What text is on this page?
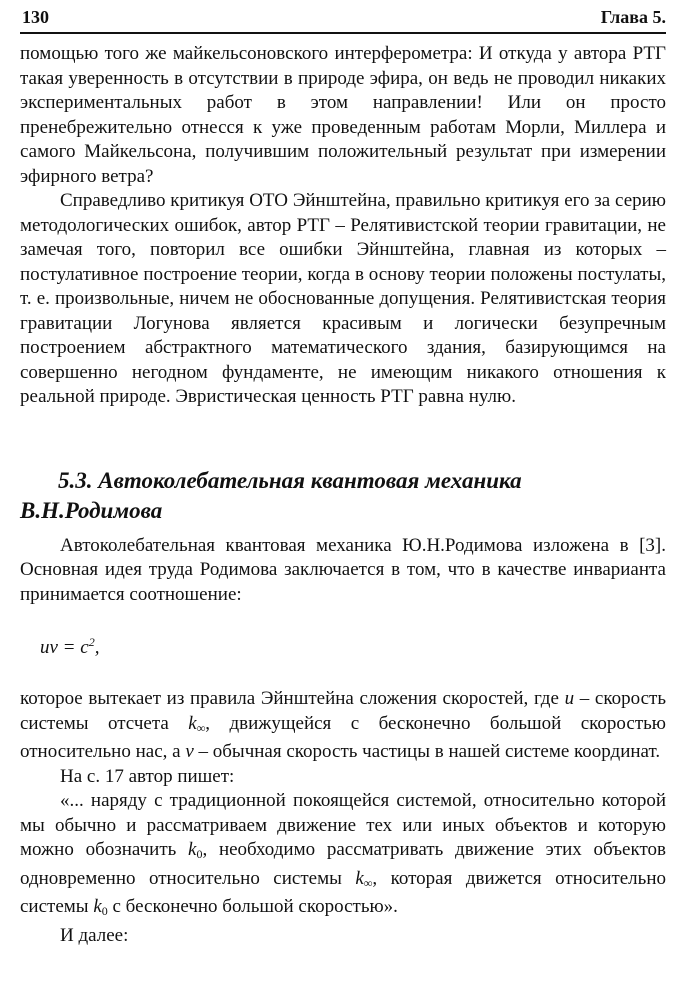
130	Глава 5.

помощью того же майкельсоновского интерферометра: И откуда у автора РТГ такая уверенность в отсутствии в природе эфира, он ведь не проводил никаких экспериментальных работ в этом направлении! Или он просто пренебрежительно отнесся к уже проведенным работам Морли, Миллера и самого Майкельсона, получившим положительный результат при измерении эфирного ветра?

Справедливо критикуя ОТО Эйнштейна, правильно критикуя его за серию методологических ошибок, автор РТГ – Релятивистской теории гравитации, не замечая того, повторил все ошибки Эйнштейна, главная из которых – постулативное построение теории, когда в основу теории положены постулаты, т. е. произвольные, ничем не обоснованные допущения. Релятивистская теория гравитации Логунова является красивым и логически безупречным построением абстрактного математического здания, базирующимся на совершенно негодном фундаменте, не имеющим никакого отношения к реальной природе. Эвристическая ценность РТГ равна нулю.

5.3. Автоколебательная квантовая механика
В.Н.Родимова

Автоколебательная квантовая механика Ю.Н.Родимова изложена в [3]. Основная идея труда Родимова заключается в том, что в качестве инварианта принимается соотношение:

uv = $c^2$,

которое вытекает из правила Эйнштейна сложения скоростей, где u – скорость системы отсчета $k_\infty$, движущейся с бесконечно большой скоростью относительно нас, а v – обычная скорость частицы в нашей системе координат.

На с. 17 автор пишет:

«... наряду с традиционной покоящейся системой, относительно которой мы обычно и рассматриваем движение тех или иных объектов и которую можно обозначить $k_0$, необходимо рассматривать движение этих объектов одновременно относительно системы $k_\infty$, которая движется относительно системы $k_0$ с бесконечно большой скоростью».

И далее:
